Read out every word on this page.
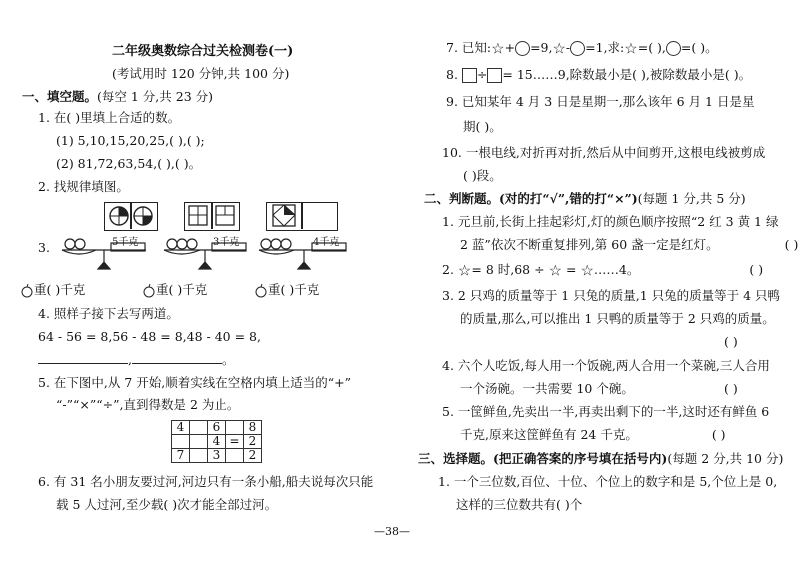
二年级奥数综合过关检测卷(一)
(考试用时 120 分钟,共 100 分)
一、填空题。(每空 1 分,共 23 分)
1. 在( )里填上合适的数。
(1) 5,10,15,20,25,( ),( );
(2) 81,72,63,54,( ),( )。
2. 找规律填图。
3.	5千克	3千克	4千克
重( )千克	重( )千克	重( )千克
4. 照样子接下去写两道。
64 - 56 = 8,56 - 48 = 8,48 - 40 = 8,
,	。
5. 在下图中,从 7 开始,顺着实线在空格内填上适当的“+”
“-”“×”“÷”,直到得数是 2 为止。
4		6		8
		4	=	2
7		3		2
6. 有 31 名小朋友要过河,河边只有一条小船,船夫说每次只能
载 5 人过河,至少载( )次才能全部过河。
7. 已知:☆+ =9,☆- =1,求:☆=( ), =( )。
8. ÷ = 15……9,除数最小是( ),被除数最小是( )。
9. 已知某年 4 月 3 日是星期一,那么该年 6 月 1 日是星
期( )。
10. 一根电线,对折再对折,然后从中间剪开,这根电线被剪成
( )段。
二、判断题。(对的打“√”,错的打“×”)(每题 1 分,共 5 分)
1. 元旦前,长街上挂起彩灯,灯的颜色顺序按照“2 红 3 黄 1 绿
2 蓝”依次不断重复排列,第 60 盏一定是红灯。	( )
2. ☆= 8 时,68 ÷ ☆ = ☆……4。	( )
3. 2 只鸡的质量等于 1 只兔的质量,1 只兔的质量等于 4 只鸭
的质量,那么,可以推出 1 只鸭的质量等于 2 只鸡的质量。
( )
4. 六个人吃饭,每人用一个饭碗,两人合用一个菜碗,三人合用
一个汤碗。一共需要 10 个碗。	( )
5. 一筐鲜鱼,先卖出一半,再卖出剩下的一半,这时还有鲜鱼 6
千克,原来这筐鲜鱼有 24 千克。	( )
三、选择题。(把正确答案的序号填在括号内)(每题 2 分,共 10 分)
1. 一个三位数,百位、十位、个位上的数字和是 5,个位上是 0,
这样的三位数共有( )个
—38—
